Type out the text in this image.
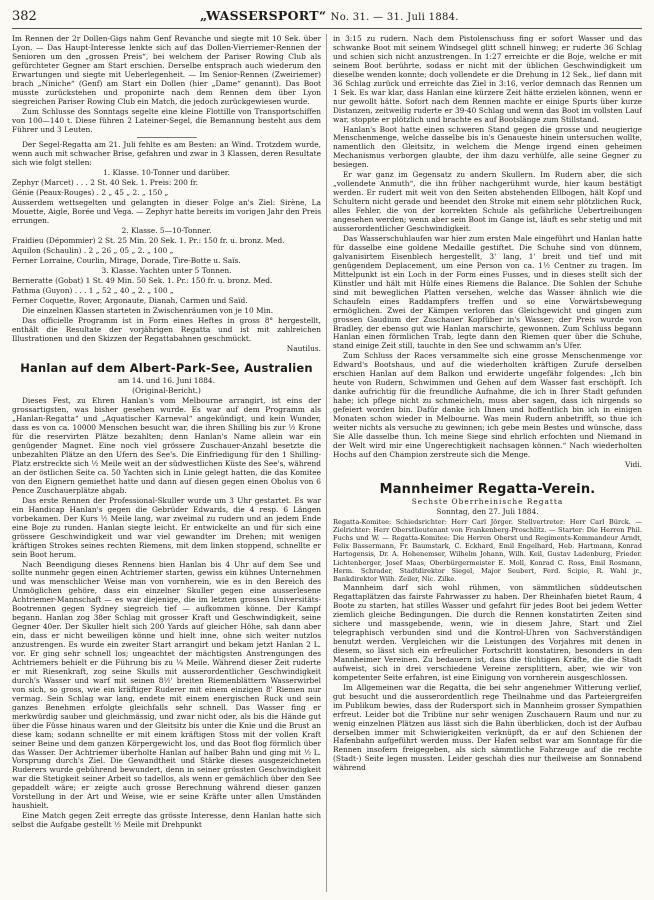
382	„WASSERSPORT“ No. 31. — 31. Juli 1884.

Im Rennen der 2r Dollen-Gigs nahm Genf Revanche und siegte mit 10 Sek. über Lyon. — Das Haupt-Interesse lenkte sich auf das Dollen-Vierriemer-Rennen der Senioren um den „grossen Preis“, bei welchem der Pariser Rowing Club als gefürchteter Gegner am Start erschien. Derselbe entsprach auch wiederum den Erwartungen und siegte mit Ueberlegenheit. — Im Senior-Rennen (Zweiriemer) brach „Niniche“ (Genf) am Start ein Dollen (hier „Dame“ genannt). Das Boot musste zurückstehen und proponirte nach dem Rennen dem über Lyon siegreichen Pariser Rowing Club ein Match, die jedoch zurückgewiesen wurde.

Zum Schlusse des Sonntags segelte eine kleine Flottille von Transportschiffen von 100—140 t. Diese führen 2 Lateiner-Segel, die Bemannung besteht aus dem Führer und 3 Leuten.

Der Segel-Regatta am 21. Juli fehlte es am Besten: an Wind. Trotzdem wurde, wenn auch mit schwacher Brise, gefahren und zwar in 3 Klassen, deren Resultate sich wie folgt stellen:

1. Klasse. 10-Tonner und darüber.

Zephyr (Marcet) . . . 2 St. 40 Sek. 1. Preis: 200 fr.

Génie (Peaux-Rouges) . 2 „ 45 „ 2. „ 150 „

Ausserdem wettsegelten und gelangten in dieser Folge an's Ziel: Sirène, La Mouette, Aigle, Borée und Vega. — Zephyr hatte bereits im vorigen Jahr den Preis errungen.

2. Klasse. 5—10-Tonner.

Fraidieu (Dépommier) 2 St. 25 Min. 20 Sek. 1. Pr.: 150 fr. u. bronz. Med.

Aquilon (Schaulin) . 2 „ 26 „ 05 „ 2. „ 100 „

Ferner Lorraine, Courlin, Mirage, Dorade, Tire-Botte u. Saïs.

3. Klasse. Yachten unter 5 Tonnen.

Berneratte (Gobat) 1 St. 49 Min. 50 Sek. 1. Pr.: 150 fr. u. bronz. Med.

Fathma (Guyon) . . . 1 „ 52 „ 40 „ 2. „ 100 „

Ferner Coquette, Rover, Argonaute, Dianah, Carmen und Saïd.

Die einzelnen Klassen starteten in Zwischenräumen von je 10 Min.

Das officielle Programm ist in Form eines Heftes in gross 8° hergestellt, enthält die Resultate der vorjährigen Regatta und ist mit zahlreichen Illustrationen und den Skizzen der Regattabahnen geschmückt.

Nautilus.

Hanlan auf dem Albert-Park-See, Australien

am 14. und 16. Juni 1884.

(Original-Bericht.)

Dieses Fest, zu Ehren Hanlan's vom Melbourne arrangirt, ist eins der grossartigsten, was bisher gesehen wurde. Es war auf dem Programm als „Hanlan-Regatta“ und „Aquatischer Karneval“ angekündigt, und kein Wunder, dass es von ca. 10000 Menschen besucht war, die ihren Shilling bis zur ½ Krone für die reservirten Plätze bezahlten; denn Hanlan's Name allein war ein genügender Magnet. Eine noch viel grössere Zuschauer-Anzahl besetzte die unbezahlten Plätze an den Ufern des See's. Die Einfriedigung für den 1 Shilling-Platz erstreckte sich ½ Meile weit an der südwestlichen Küste des See's, während an der östlichen Seite ca. 50 Yachten sich in Linie gelegt hatten, die das Komitee von den Eignern gemiethet hatte und dann auf diesen gegen einen Obolus von 6 Pence Zuschauerplätze abgab.

Das erste Rennen der Professional-Skuller wurde um 3 Uhr gestartet. Es war ein Handicap Hanlan's gegen die Gebrüder Edwards, die 4 resp. 6 Längen vorbekamen. Der Kurs ½ Meile lang, war zweimal zu rudern und an jedem Ende eine Boje zu runden. Hanlan siegte leicht. Er entwickelte an und für sich eine grössere Geschwindigkeit und war viel gewandter im Drehen; mit wenigen kräftigen Strokes seines rechten Riemens, mit dem linken stoppend, schnellte er sein Boot herum.

Nach Beendigung dieses Rennens bien Hanlan bis 4 Uhr auf dem See und sollte nunmehr gegen einen Achtriemer starten, gewiss ein kühnes Unternehmen und was menschlicher Weise man von vornherein, wie es in den Bereich des Unmöglichen gehöre, dass ein einzelner Skuller gegen eine ausserlesene Achtriemer-Mannschaft — es war diejenige, die im letzten grossen Universitäts-Bootrennen gegen Sydney siegreich tief — aufkommen könne. Der Kampf begann. Hanlan zog 38er Schlag mit grosser Kraft und Geschwindigkeit, seine Gegner 40er. Der Skuller hielt sich 200 Yards auf gleicher Höhe, sah dann aber ein, dass er nicht beweiligen könne und hielt inne, ohne sich weiter nutzlos anzustrengen. Es wurde ein zweiter Start arrangirt und bekam jetzt Hanlan 2 L. vor. Er ging sehr schnell los; ungeachtet der mächtigsten Anstrengungen des Achtriemers behielt er die Führung bis zu ¼ Meile. Während dieser Zeit ruderte er mit Riesenkraft, zog seine Skulls mit ausserordentlicher Geschwindigkeit durch's Wasser und warf mit seinen 8½' breiten Riemenblättern Wasserwirbel von sich, so gross, wie ein kräftiger Ruderer mit einem einzigen 8' Riemen nur vermag. Sein Schlag war lang, endete mit einem energischen Ruck und sein ganzes Benehmen erfolgte gleichfalls sehr schnell. Das Wasser fing er merkwürdig sauber und gleichmässig, und zwar nicht oder, als bis die Hände gut über die Füsse hinaus waren und der Gleitsitz bis unter die Knie und die Brust an diese kam; sodann schnellte er mit einem kräftigen Stoss mit der vollen Kraft seiner Beine und dem ganzen Körpergewicht los, und das Boot flog förmlich über das Wasser. Der Achtriemer überholte Hanlan auf halber Bahn und ging mit ½ L. Vorsprung durch's Ziel. Die Gewandtheit und Stärke dieses ausgezeichneten Ruderers wurde gebührend bewundert, denn in seiner grössten Geschwindigkeit war die Stetigkeit seiner Arbeit so tadellos, als wenn er gemächlich über den See gepaddelt wäre; er zeigte auch grosse Berechnung während dieser ganzen Vorstellung in der Art und Weise, wie er seine Kräfte unter allen Umständen haushielt.

Eine Match gegen Zeit erregte das grösste Interesse, denn Hanlan hatte sich selbst die Aufgabe gestellt ½ Meile mit Drehpunkt

in 3:15 zu rudern. Nach dem Pistolenschuss fing er sofort Wasser und das schwanke Boot mit seinem Windsegel glitt schnell hinweg; er ruderte 36 Schlag und schien sich nicht anzustrengen. In 1:27 erreichte er die Boje, welche er mit seinem Boot berührte, sodass er nicht mit der üblichen Geschwindigkeit um dieselbe wenden konnte; doch vollendete er die Drehung in 12 Sek., lief dann mit 36 Schlag zurück und erreichte das Ziel in 3:16, verlor demnach das Rennen um 1 Sek. Es war klar, dass Hanlan eine kürzere Zeit hätte erzielen können, wenn er nur gewollt hätte. Sofort nach dem Rennen machte er einige Spurts über kurze Distanzen, zeitweilig ruderte er 39-40 Schlag und wenn das Boot im vollsten Lauf war, stoppte er plötzlich und brachte es auf Bootslänge zum Stillstand.

Hanlan's Boot hatte einen schweren Stand gegen die grosse und neugierige Menschenmenge, welche dasselbe bis in's Genaueste hinein untersuchen wollte, namentlich den Gleitsitz, in welchem die Menge irgend einen geheimen Mechanismus verborgen glaubte, der ihm dazu verhülfe, alle seine Gegner zu besiegen.

Er war ganz im Gegensatz zu andern Skullern. Im Rudern aber, die sich „vollendete Anmuth“, die ihn früher nachgerühmt wurde, hier kaum bestätigt werden. Er rudert mit weit von den Seiten abstehenden Ellbogen, hält Kopf und Schultern nicht gerade und beendet den Stroke mit einem sehr plötzlichen Ruck, alles Fehler, die von der korrekten Schule als gefährliche Uebertreibungen angesehen werden; wenn aber sein Boot im Gange ist, läuft es sehr stetig und mit ausserordentlicher Geschwindigkeit.

Das Wasserschuhlaufen war hier zum ersten Male eingeführt und Hanlan hatte für dasselbe eine goldene Medaille gestiftet. Die Schuhe sind von dünnem, galvanisirtem Eisenblech hergestellt, 3' lang, 1' breit und tief und mit genügendem Deplacement, um eine Person von ca. 1½ Centner zu tragen. Im Mittelpunkt ist ein Loch in der Form eines Fusses, und in dieses stellt sich der Künstler und hält mit Hülfe eines Riemens die Balance. Die Sohlen der Schuhe sind mit beweglichen Platten versehen, welche das Wasser ähnlich wie die Schaufeln eines Raddampfers treffen und so eine Vorwärtsbewegung ermöglichen. Zwei der Kämpen verloren das Gleichgewicht und gingen zum grossen Gaudium der Zuschauer Kopfüber in's Wasser; der Preis wurde von Bradley, der ebenso gut wie Hanlan marschirte, gewonnen. Zum Schluss begann Hanlan einen förmlichen Trab, legte dann den Riemen quer über die Schuhe, stand einige Zeit still, tauchte in den See und schwamm an's Ufer.

Zum Schluss der Races versammelte sich eine grosse Menschenmenge vor Edward's Bootshaus, und auf die wiederholten kräftigen Zurufe derselben erschien Hanlan auf dem Balkon und erwiderte ungefähr folgendes: „Ich bin heute von Rudern, Schwimmen und Gehen auf dem Wasser fast erschöpft. Ich danke aufrichtig für die freundliche Aufnahme, die ich in Ihrer Stadt gefunden habe; ich pflege nicht zu schmeicheln, muss aber sagen, dass ich nirgends so gefeiert worden bin. Dafür danke ich Ihnen und hoffentlich bin ich in einigen Monaten schon wieder in Melbourne. Was mein Rudern anbetrifft, so thue ich weiter nichts als versuche zu gewinnen; ich gebe mein Bestes und wünsche, dass Sie Alle dasselbe thun. Ich meine Siege sind ehrlich erfochten und Niemand in der Welt wird mir eine Ungerechtigkeit nachsagen können.“ Nach wiederholten Hochs auf den Champion zerstreute sich die Menge.

Vidi.

Mannheimer Regatta-Verein.

Sechste Oberrheinische Regatta

Sonntag, den 27. Juli 1884.

Regatta-Komitee: Schiedsrichter: Herr Carl Jörger. Stellvertreter: Herr Carl Bürck. — Zielrichter: Herr Oberstlieutenant von Frankenberg-Proschlitz. — Starter: Die Herren Phil. Fuchs und W. — Regatta-Komitee: Die Herren Oberst und Regiments-Kommandeur Arndt, Felix Bassermann, Fr. Baumstark, C. Eckhard, Emil Engelhard, Heb. Hartmann, Konrad Hartogensis, Dr. A. Hohenemser, Wilhelm Johann, Wilh. Keil, Gustav Ladenburg, Frieder. Lichtenberger, Josef Maas, Oberbürgermeister E. Moll, Konrad C. Ross, Emil Rosmann, Herm. Schrader, Stadtdirektor Siegel, Major Seubert, Ferd. Scipio, R. Wahl jr., Bankdirektor Wilh. Zeiler, Nic. Zilke.

Mannheim darf sich wohl rühmen, von sämmtlichen süddeutschen Regattaplätzen das fairste Fahrwasser zu haben. Der Rheinhafen bietet Raum, 4 Boote zu starten, hat stilles Wasser und gefahrt für jedes Boot bei jedem Wetter ziemlich gleiche Bedingungen. Die durch die Rennen konstatirten Zeiten sind sichere und massgebende, wenn, wie in diesem Jahre, Start und Ziel telegraphisch verbunden sind und die Kontrol-Uhren von Sachverständigen benutzt werden. Vergleichen wir die Leistungen des Vorjahres mit denen in diesem, so lässt sich ein erfreulicher Fortschritt konstatiren, besonders in den Mannheimer Vereinen. Zu bedauern ist, dass die tüchtigen Kräfte, die die Stadt aufweist, sich in drei verschiedene Vereine zersplittern, aber, wie wir von kompetenter Seite erfahren, ist eine Einigung von vornherein ausgeschlossen.

Im Allgemeinen war die Regatta, die bei sehr angenehmer Witterung verlief, gut besucht und die ausserordentlich rege Theilnahme und das Parteiergreifen im Publikum bewies, dass der Rudersport sich in Mannheim grosser Sympathien erfreut. Leider bot die Tribüne nur sehr wenigen Zuschauern Raum und nur zu wenig einzelnen Plätzen aus lässt sich die Bahn überblicken, doch ist der Aufbau derselben immer mit Schwierigkeiten verknüpft, da er auf den Schienen der Hafenbahn aufgeführt werden muss. Der Hafen selbst war am Sonntage für die Rennen insofern freigegeben, als sich sämmtliche Fahrzeuge auf die rechte (Stadt-) Seite legen mussten. Leider geschah dies nur theilweise am Sonnabend während
